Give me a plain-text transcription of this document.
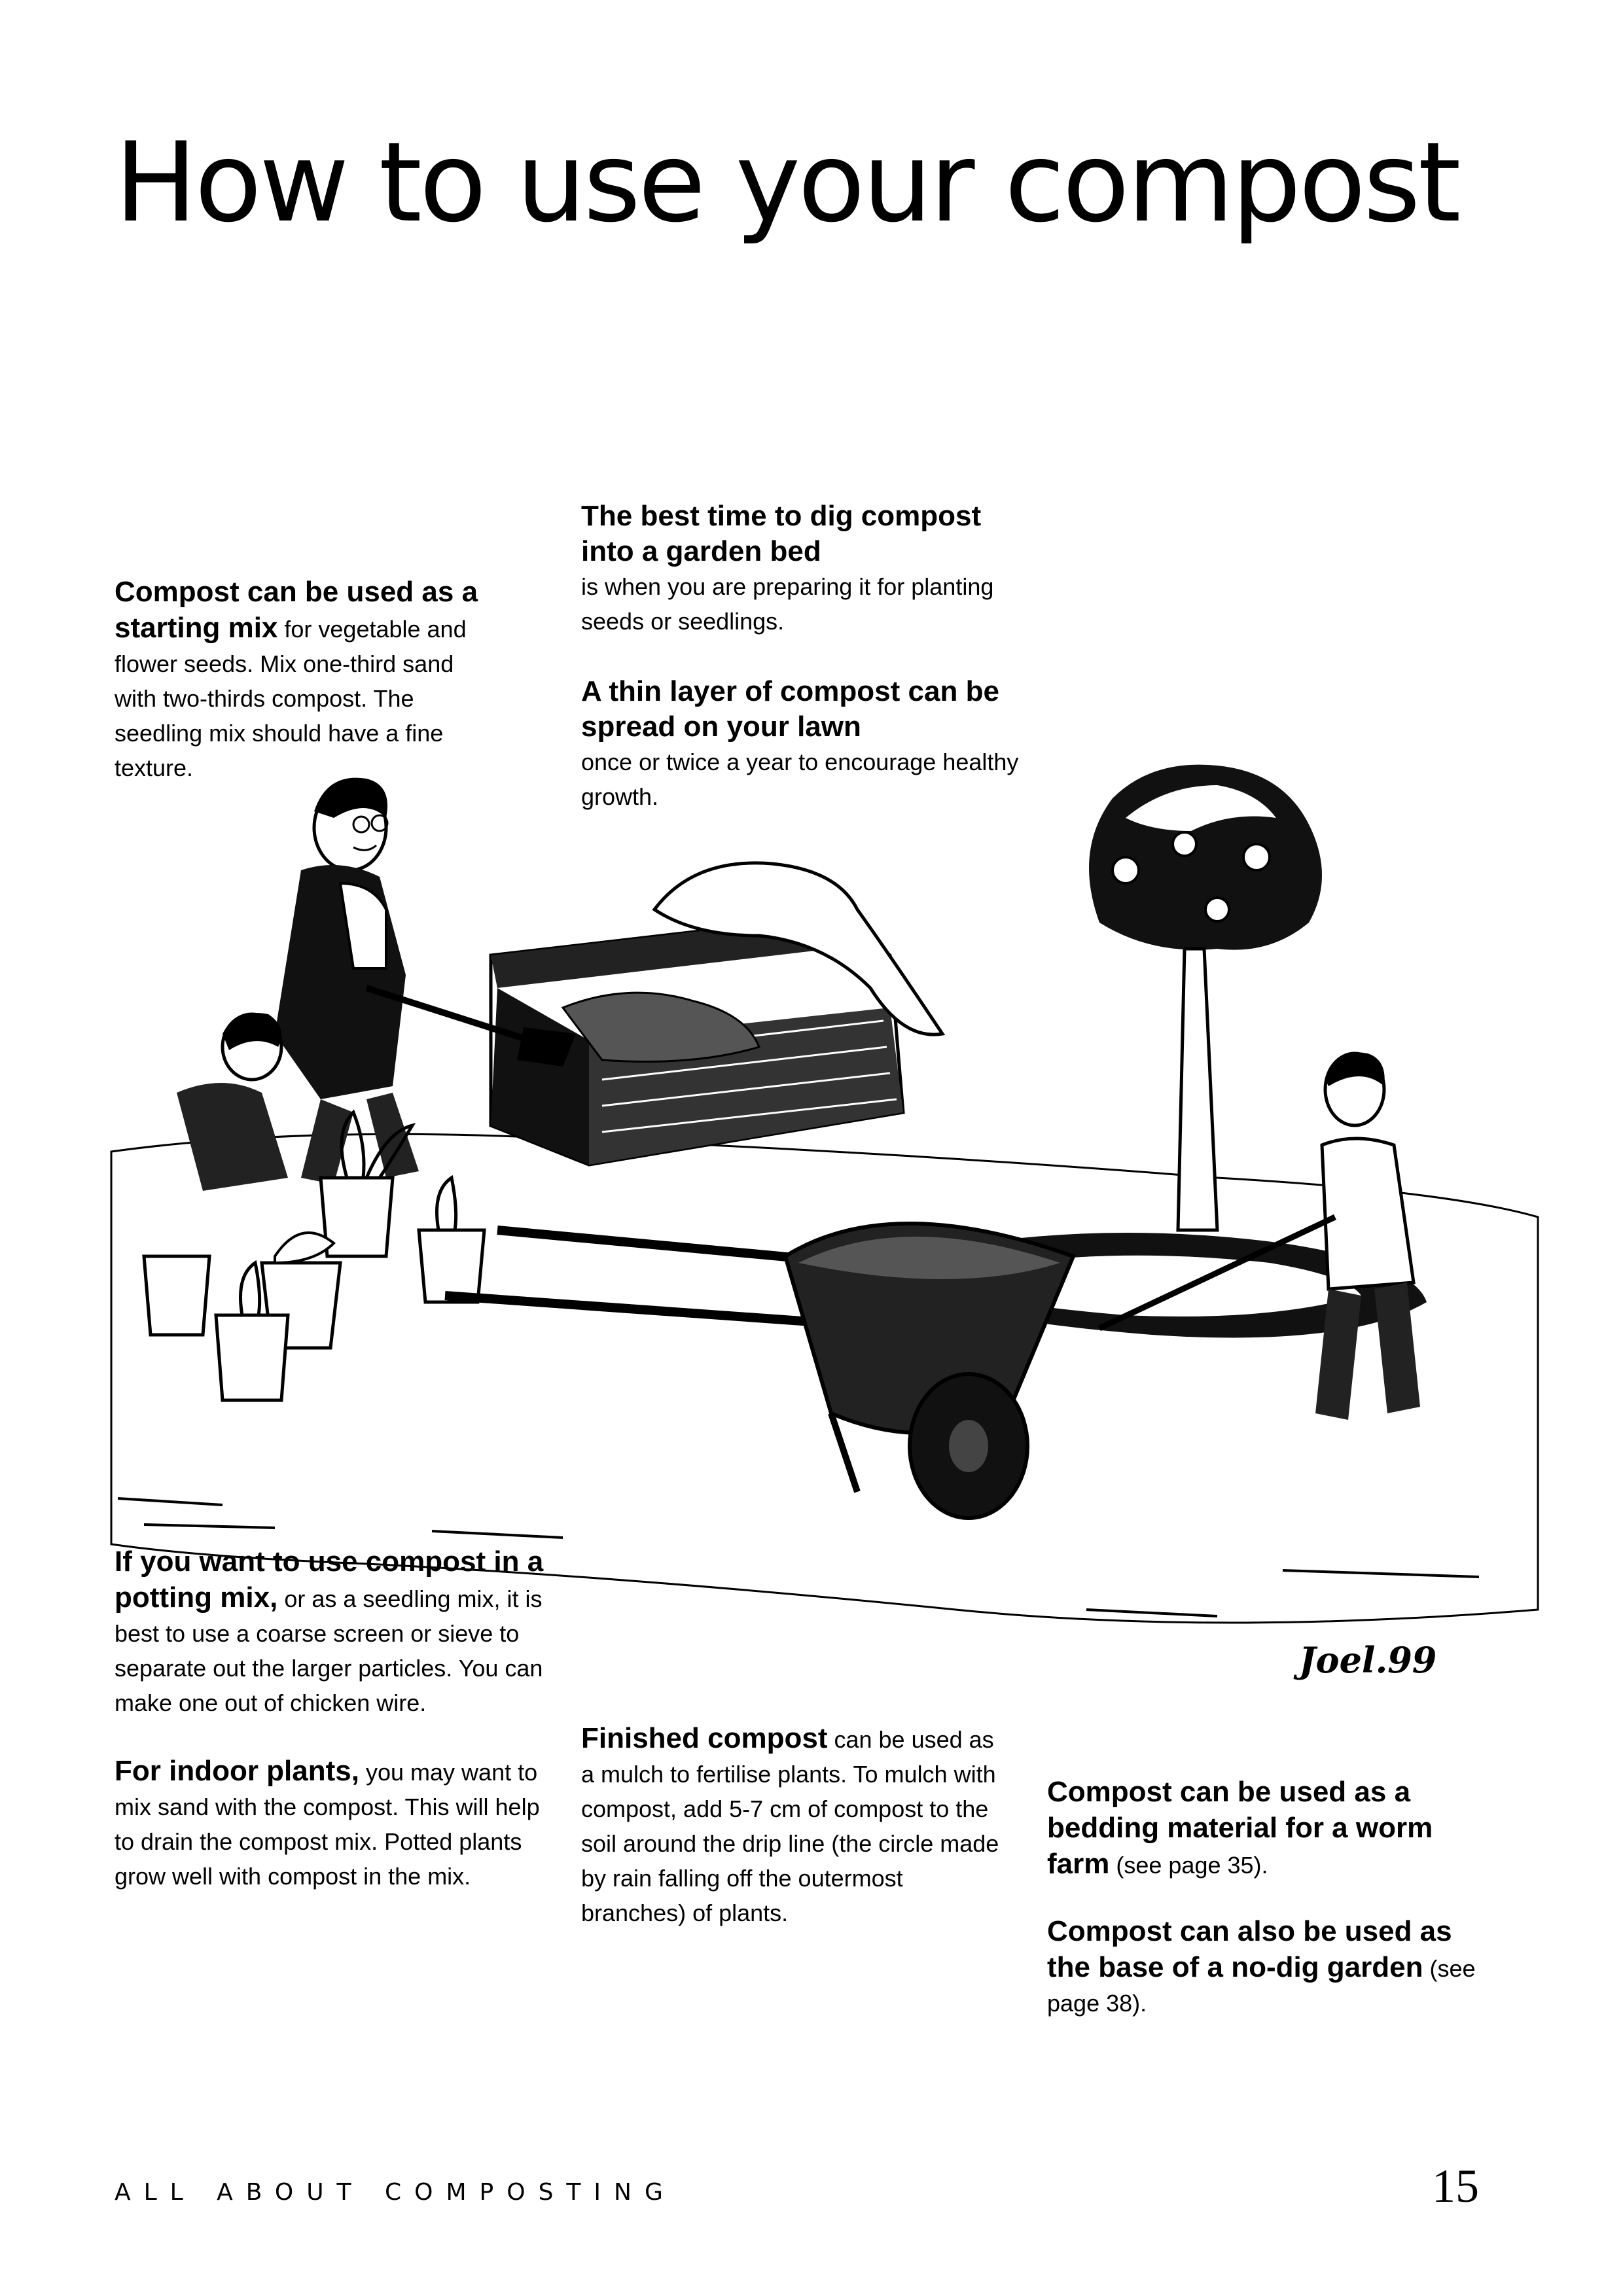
How to use your compost

Compost can be used as a starting mix for vegetable and flower seeds. Mix one-third sand with two-thirds compost. The seedling mix should have a fine texture.

The best time to dig compost into a garden bed

is when you are preparing it for planting seeds or seedlings.

A thin layer of compost can be spread on your lawn

once or twice a year to encourage healthy growth.

Joel.99

If you want to use compost in a potting mix, or as a seedling mix, it is best to use a coarse screen or sieve to separate out the larger particles. You can make one out of chicken wire.

For indoor plants, you may want to mix sand with the compost. This will help to drain the compost mix. Potted plants grow well with compost in the mix.

Finished compost can be used as a mulch to fertilise plants. To mulch with compost, add 5-7 cm of compost to the soil around the drip line (the circle made by rain falling off the outermost branches) of plants.

Compost can be used as a bedding material for a worm farm (see page 35).

Compost can also be used as the base of a no-dig garden (see page 38).

ALL ABOUT COMPOSTING	15
